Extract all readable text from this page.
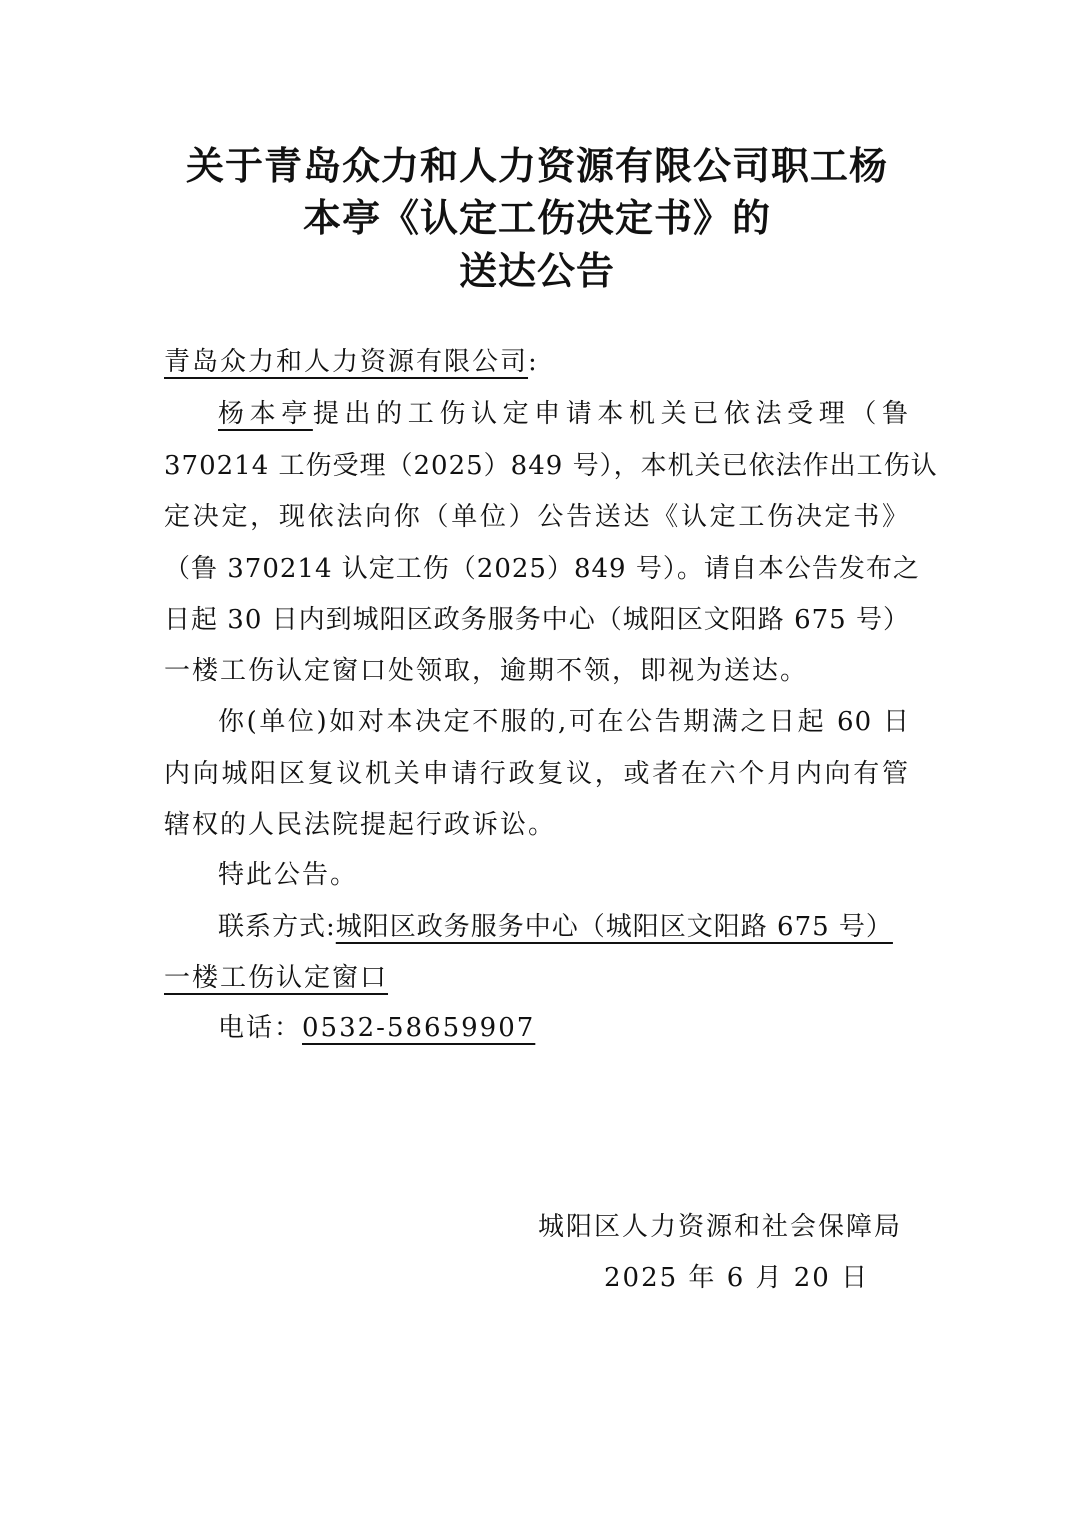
关于青岛众力和人力资源有限公司职工杨
本亭《认定工伤决定书》的
送达公告
青岛众力和人力资源有限公司:
杨本亭提出的工伤认定申请本机关已依法受理（鲁
370214 工伤受理（2025）849 号），本机关已依法作出工伤认
定决定，现依法向你（单位）公告送达《认定工伤决定书》
（鲁 370214 认定工伤（2025）849 号）。请自本公告发布之
日起 30 日内到城阳区政务服务中心（城阳区文阳路 675 号）
一楼工伤认定窗口处领取，逾期不领，即视为送达。
你(单位)如对本决定不服的,可在公告期满之日起 60 日
内向城阳区复议机关申请行政复议，或者在六个月内向有管
辖权的人民法院提起行政诉讼。
特此公告。
联系方式:城阳区政务服务中心（城阳区文阳路 675 号）
一楼工伤认定窗口
电话：0532-58659907
城阳区人力资源和社会保障局
2025 年 6 月 20 日
